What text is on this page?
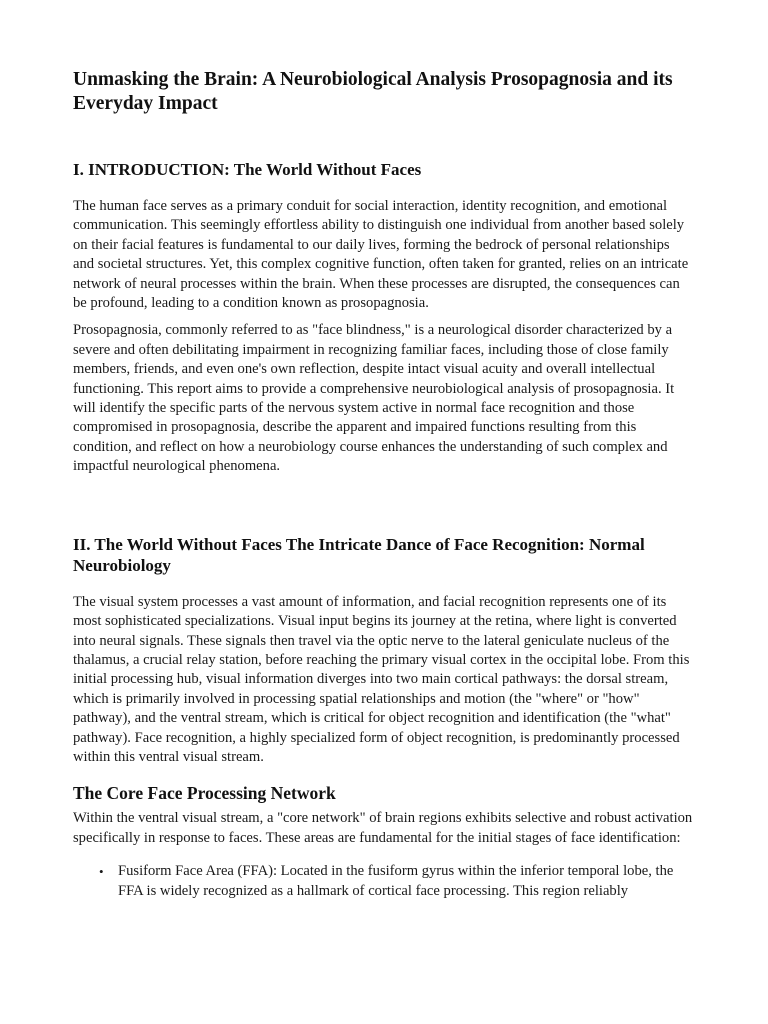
Unmasking the Brain: A Neurobiological Analysis Prosopagnosia and its Everyday Impact
I. INTRODUCTION: The World Without Faces

The human face serves as a primary conduit for social interaction, identity recognition, and emotional communication. This seemingly effortless ability to distinguish one individual from another based solely on their facial features is fundamental to our daily lives, forming the bedrock of personal relationships and societal structures. Yet, this complex cognitive function, often taken for granted, relies on an intricate network of neural processes within the brain. When these processes are disrupted, the consequences can be profound, leading to a condition known as prosopagnosia.

Prosopagnosia, commonly referred to as "face blindness," is a neurological disorder characterized by a severe and often debilitating impairment in recognizing familiar faces, including those of close family members, friends, and even one's own reflection, despite intact visual acuity and overall intellectual functioning. This report aims to provide a comprehensive neurobiological analysis of prosopagnosia. It will identify the specific parts of the nervous system active in normal face recognition and those compromised in prosopagnosia, describe the apparent and impaired functions resulting from this condition, and reflect on how a neurobiology course enhances the understanding of such complex and impactful neurological phenomena.

II. The World Without Faces The Intricate Dance of Face Recognition: Normal Neurobiology

The visual system processes a vast amount of information, and facial recognition represents one of its most sophisticated specializations. Visual input begins its journey at the retina, where light is converted into neural signals. These signals then travel via the optic nerve to the lateral geniculate nucleus of the thalamus, a crucial relay station, before reaching the primary visual cortex in the occipital lobe. From this initial processing hub, visual information diverges into two main cortical pathways: the dorsal stream, which is primarily involved in processing spatial relationships and motion (the "where" or "how" pathway), and the ventral stream, which is critical for object recognition and identification (the "what" pathway). Face recognition, a highly specialized form of object recognition, is predominantly processed within this ventral visual stream.

The Core Face Processing Network

Within the ventral visual stream, a "core network" of brain regions exhibits selective and robust activation specifically in response to faces. These areas are fundamental for the initial stages of face identification:

• Fusiform Face Area (FFA): Located in the fusiform gyrus within the inferior temporal lobe, the FFA is widely recognized as a hallmark of cortical face processing. This region reliably
